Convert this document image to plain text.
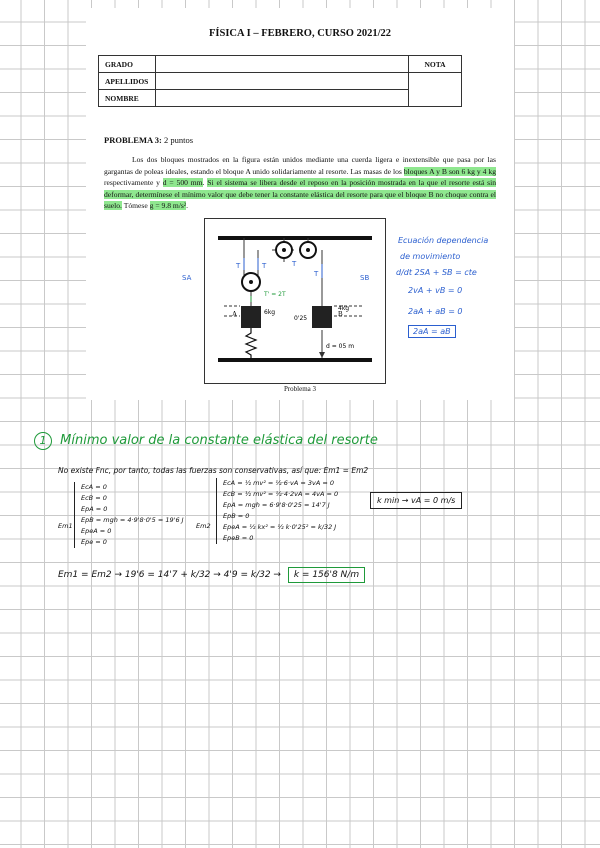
FÍSICA I – FEBRERO, CURSO 2021/22
GRADO		NOTA
APELLIDOS		
NOMBRE		
PROBLEMA 3: 2 puntos
Los dos bloques mostrados en la figura están unidos mediante una cuerda ligera e inextensible que pasa por las gargantas de poleas ideales, estando el bloque A unido solidariamente al resorte. Las masas de los bloques A y B son 6 kg y 4 kg respectivamente y d = 500 mm. Si el sistema se libera desde el reposo en la posición mostrada en la que el resorte está sin deformar, determínese el mínimo valor que debe tener la constante elástica del resorte para que el bloque B no choque contra el suelo. Tómese g = 9.8 m/s².
A	B
T	T	T
T
T' = 2T
SA	SB
6kg
0'25
4kg
d = 05 m
Problema 3
Ecuación dependencia
de movimiento
d/dt 2SA + SB = cte
2vA + vB = 0
2aA + aB = 0
2aA = aB
1 Mínimo valor de la constante elástica del resorte
No existe Fnc, por tanto, todas las fuerzas son conservativas, así que: Em1 = Em2
Em1
EcA = 0
EcB = 0
EpA = 0
EpB = mgh = 4·9'8·0'5 = 19'6 J
EpeA = 0
Epe = 0
Em2
EcA = ½ mv² = ½·6·vA = 3vA = 0
EcB = ½ mv² = ½·4·2vA = 4vA = 0
EpA = mgh = 6·9'8·0'25 = 14'7 J
EpB = 0
EpeA = ½ kx² = ½ k·0'25² = k/32 J
EpeB = 0
k min → vA = 0 m/s
Em1 = Em2 → 19'6 = 14'7 + k/32 → 4'9 = k/32 → k = 156'8 N/m
